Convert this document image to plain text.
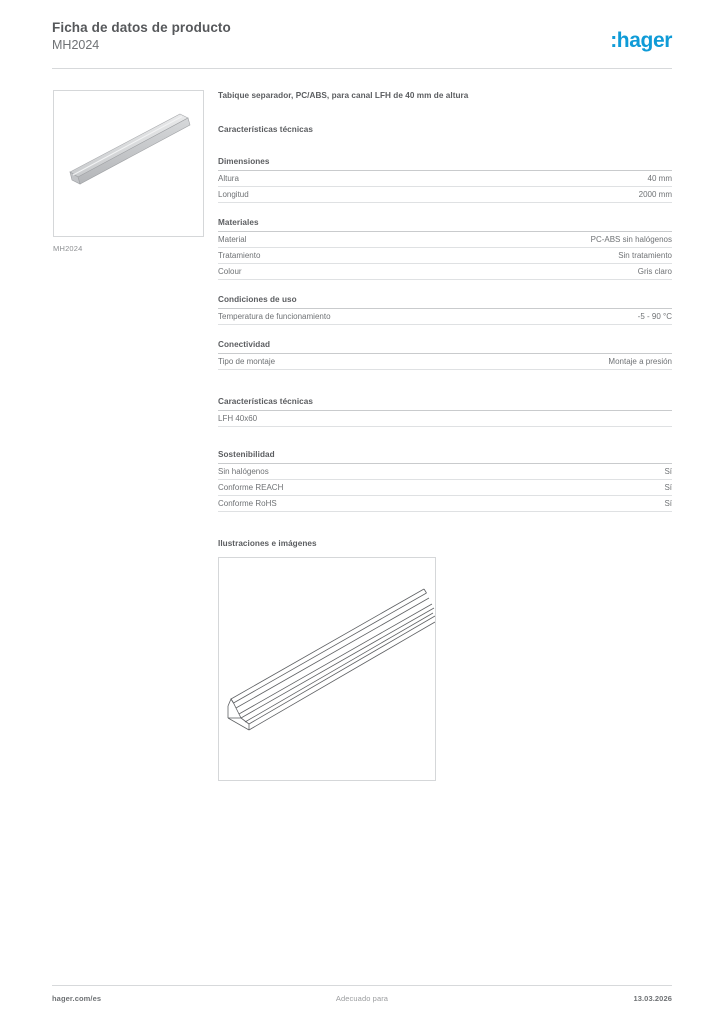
Ficha de datos de producto
MH2024	:hager
MH2024
Tabique separador, PC/ABS, para canal LFH de 40 mm de altura
Características técnicas
Dimensiones
Altura	40 mm
Longitud	2000 mm
Materiales
Material	PC-ABS sin halógenos
Tratamiento	Sin tratamiento
Colour	Gris claro
Condiciones de uso
Temperatura de funcionamiento	-5 - 90 °C
Conectividad
Tipo de montaje	Montaje a presión
Características técnicas
LFH 40x60
Sostenibilidad
Sin halógenos	Sí
Conforme REACH	Sí
Conforme RoHS	Sí
Ilustraciones e imágenes
hager.com/es	Adecuado para	13.03.2026
